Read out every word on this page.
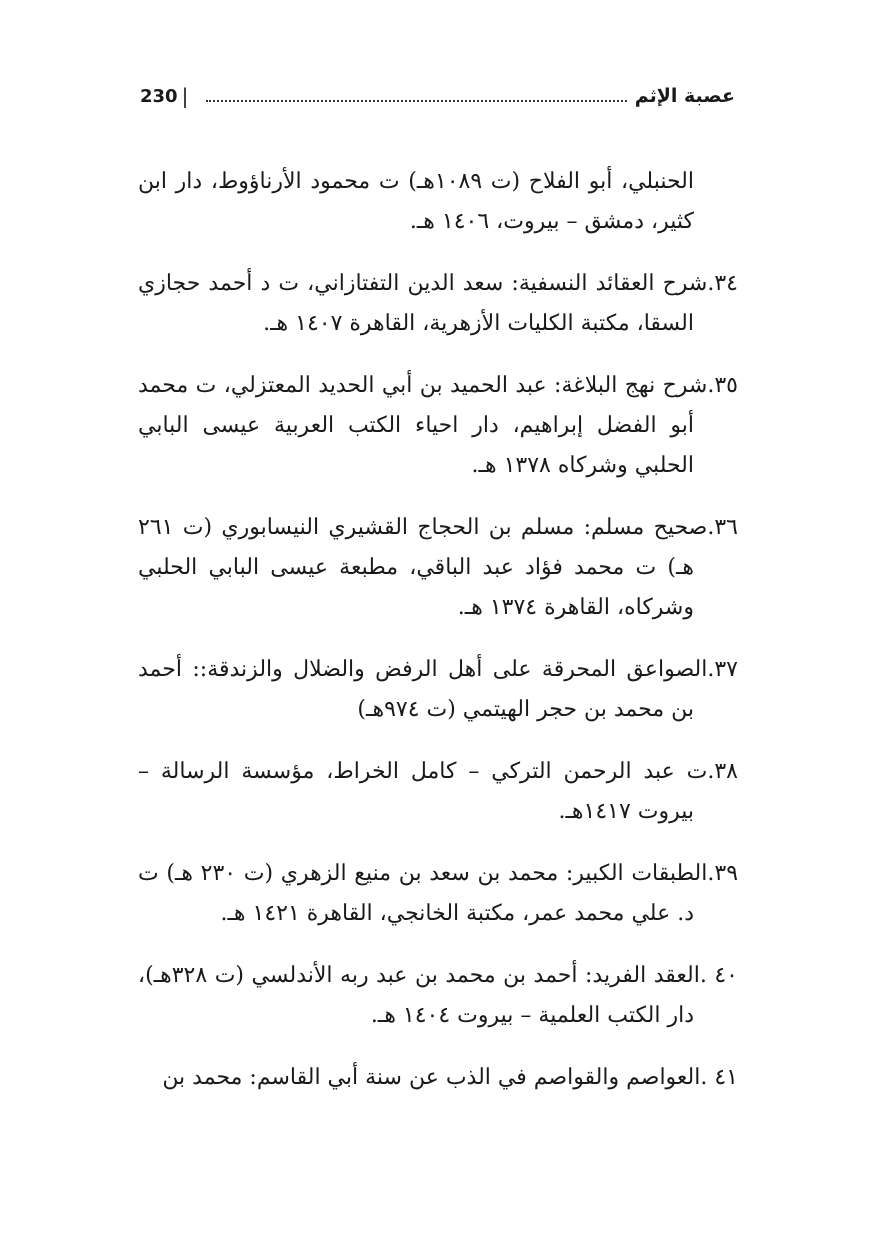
230 |	عصبة الإثم

الحنبلي، أبو الفلاح (ت ١٠٨٩هـ) ت محمود الأرناؤوط، دار ابن كثير، دمشق – بيروت، ١٤٠٦ هـ.

٣٤.شرح العقائد النسفية: سعد الدين التفتازاني، ت د أحمد حجازي السقا، مكتبة الكليات الأزهرية، القاهرة ١٤٠٧ هـ.

٣٥.شرح نهج البلاغة: عبد الحميد بن أبي الحديد المعتزلي، ت محمد أبو الفضل إبراهيم، دار احياء الكتب العربية عيسى البابي الحلبي وشركاه ١٣٧٨ هـ.

٣٦.صحيح مسلم: مسلم بن الحجاج القشيري النيسابوري (ت ٢٦١ هـ) ت محمد فؤاد عبد الباقي، مطبعة عيسى البابي الحلبي وشركاه، القاهرة ١٣٧٤ هـ.

٣٧.الصواعق المحرقة على أهل الرفض والضلال والزندقة:: أحمد بن محمد بن حجر الهيتمي (ت ٩٧٤هـ)

٣٨.ت عبد الرحمن التركي – كامل الخراط، مؤسسة الرسالة – بيروت ١٤١٧هـ.

٣٩.الطبقات الكبير: محمد بن سعد بن منيع الزهري (ت ٢٣٠ هـ) ت د. علي محمد عمر، مكتبة الخانجي، القاهرة ١٤٢١ هـ.

٤٠ .العقد الفريد: أحمد بن محمد بن عبد ربه الأندلسي (ت ٣٢٨هـ)، دار الكتب العلمية – بيروت ١٤٠٤ هـ.

٤١ .العواصم والقواصم في الذب عن سنة أبي القاسم: محمد بن
